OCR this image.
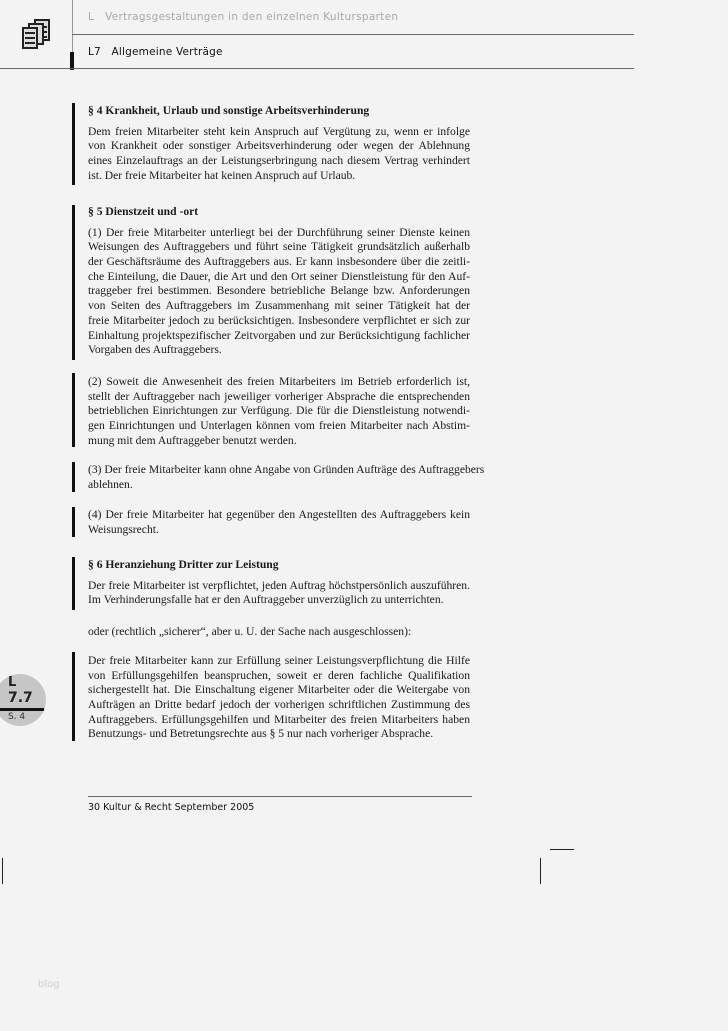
L   Vertragsgestaltungen in den einzelnen Kultursparten
L7   Allgemeine Verträge
§ 4 Krankheit, Urlaub und sonstige Arbeitsverhinderung
Dem freien Mitarbeiter steht kein Anspruch auf Vergütung zu, wenn er infolge
von Krankheit oder sonstiger Arbeitsverhinderung oder wegen der Ablehnung
eines Einzelauftrags an der Leistungserbringung nach diesem Vertrag verhindert
ist. Der freie Mitarbeiter hat keinen Anspruch auf Urlaub.
§ 5 Dienstzeit und -ort
(1) Der freie Mitarbeiter unterliegt bei der Durchführung seiner Dienste keinen
Weisungen des Auftraggebers und führt seine Tätigkeit grundsätzlich außerhalb
der Geschäftsräume des Auftraggebers aus. Er kann insbesondere über die zeitli-
che Einteilung, die Dauer, die Art und den Ort seiner Dienstleistung für den Auf-
traggeber frei bestimmen. Besondere betriebliche Belange bzw. Anforderungen
von Seiten des Auftraggebers im Zusammenhang mit seiner Tätigkeit hat der
freie Mitarbeiter jedoch zu berücksichtigen. Insbesondere verpflichtet er sich zur
Einhaltung projektspezifischer Zeitvorgaben und zur Berücksichtigung fachlicher
Vorgaben des Auftraggebers.
(2) Soweit die Anwesenheit des freien Mitarbeiters im Betrieb erforderlich ist,
stellt der Auftraggeber nach jeweiliger vorheriger Absprache die entsprechenden
betrieblichen Einrichtungen zur Verfügung. Die für die Dienstleistung notwendi-
gen Einrichtungen und Unterlagen können vom freien Mitarbeiter nach Abstim-
mung mit dem Auftraggeber benutzt werden.
(3) Der freie Mitarbeiter kann ohne Angabe von Gründen Aufträge des Auftraggebers
ablehnen.
(4) Der freie Mitarbeiter hat gegenüber den Angestellten des Auftraggebers kein
Weisungsrecht.
§ 6 Heranziehung Dritter zur Leistung
Der freie Mitarbeiter ist verpflichtet, jeden Auftrag höchstpersönlich auszuführen.
Im Verhinderungsfalle hat er den Auftraggeber unverzüglich zu unterrichten.
oder (rechtlich „sicherer“, aber u. U. der Sache nach ausgeschlossen):
Der freie Mitarbeiter kann zur Erfüllung seiner Leistungsverpflichtung die Hilfe
von Erfüllungsgehilfen beanspruchen, soweit er deren fachliche Qualifikation
sichergestellt hat. Die Einschaltung eigener Mitarbeiter oder die Weitergabe von
Aufträgen an Dritte bedarf jedoch der vorherigen schriftlichen Zustimmung des
Auftraggebers. Erfüllungsgehilfen und Mitarbeiter des freien Mitarbeiters haben
Benutzungs- und Betretungsrechte aus § 5 nur nach vorheriger Absprache.
L
7.7
S. 4
30 Kultur & Recht September 2005
blog
